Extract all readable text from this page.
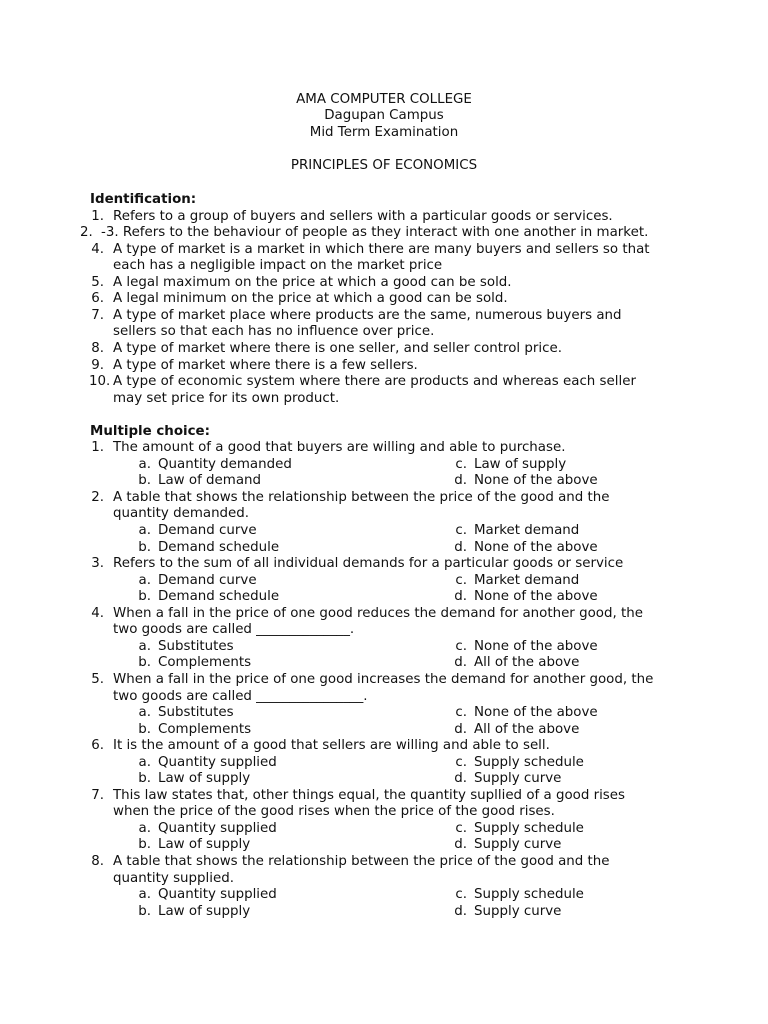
AMA COMPUTER COLLEGE
Dagupan Campus
Mid Term Examination
PRINCIPLES OF ECONOMICS
Identification:
1. Refers to a group of buyers and sellers with a particular goods or services.
2. -3. Refers to the behaviour of people as they interact with one another in market.
4. A type of market is a market in which there are many buyers and sellers so that
each has a negligible impact on the market price
5. A legal maximum on the price at which a good can be sold.
6. A legal minimum on the price at which a good can be sold.
7. A type of market place where products are the same, numerous buyers and
sellers so that each has no influence over price.
8. A type of market where there is one seller, and seller control price.
9. A type of market where there is a few sellers.
10. A type of economic system where there are products and whereas each seller
may set price for its own product.
Multiple choice:
1. The amount of a good that buyers are willing and able to purchase.
a. Quantity demanded	c. Law of supply
b. Law of demand	d. None of the above
2. A table that shows the relationship between the price of the good and the
quantity demanded.
a. Demand curve	c. Market demand
b. Demand schedule	d. None of the above
3. Refers to the sum of all individual demands for a particular goods or service
a. Demand curve	c. Market demand
b. Demand schedule	d. None of the above
4. When a fall in the price of one good reduces the demand for another good, the
two goods are called ______________.
a. Substitutes	c. None of the above
b. Complements	d. All of the above
5. When a fall in the price of one good increases the demand for another good, the
two goods are called ________________.
a. Substitutes	c. None of the above
b. Complements	d. All of the above
6. It is the amount of a good that sellers are willing and able to sell.
a. Quantity supplied	c. Supply schedule
b. Law of supply	d. Supply curve
7. This law states that, other things equal, the quantity supllied of a good rises
when the price of the good rises when the price of the good rises.
a. Quantity supplied	c. Supply schedule
b. Law of supply	d. Supply curve
8. A table that shows the relationship between the price of the good and the
quantity supplied.
a. Quantity supplied	c. Supply schedule
b. Law of supply	d. Supply curve
